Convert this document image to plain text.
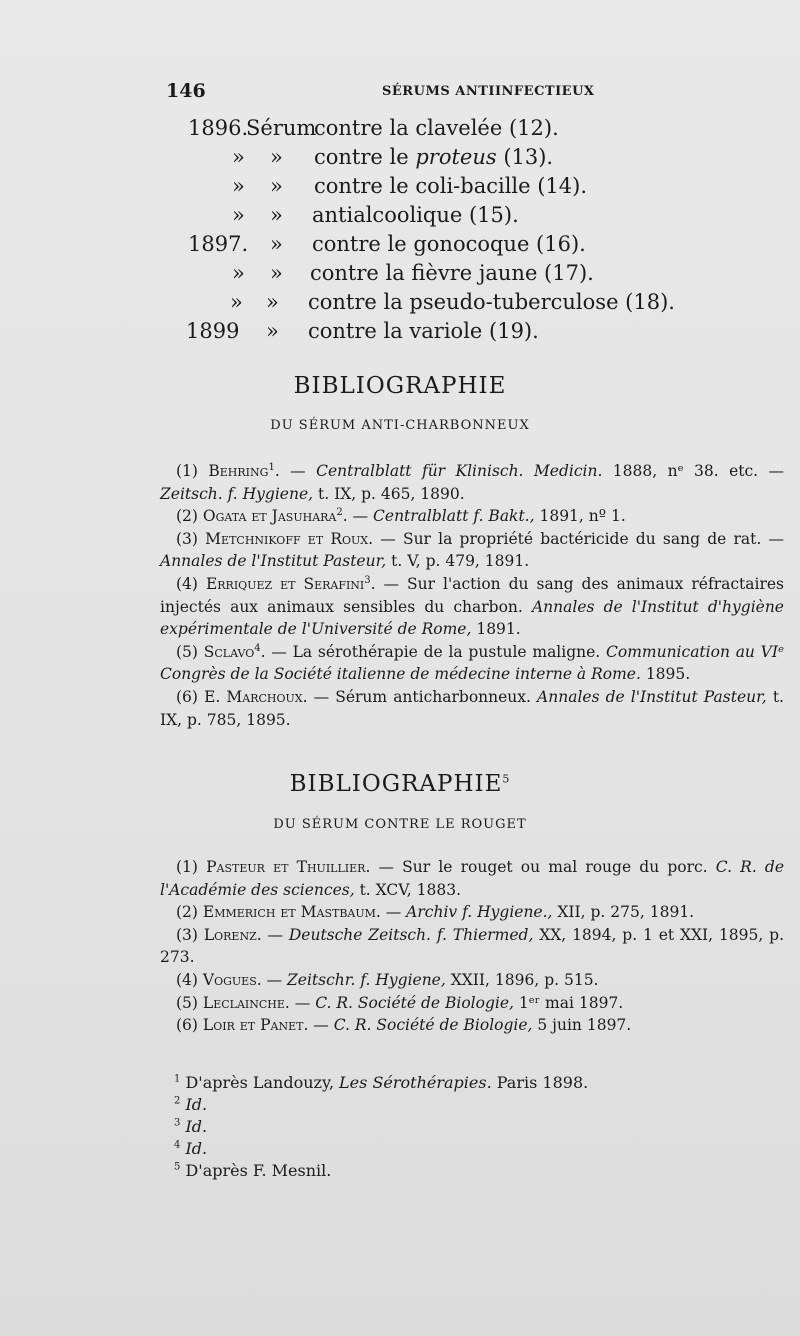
146	SÉRUMS ANTIINFECTIEUX
1896.
Sérum
contre la clavelée (12).
» » contre le proteus (13).
» » contre le coli-bacille (14).
» » antialcoolique (15).
1897. » contre le gonocoque (16).
» » contre la fièvre jaune (17).
» » contre la pseudo-tuberculose (18).
1899 » contre la variole (19).
BIBLIOGRAPHIE
DU SÉRUM ANTI-CHARBONNEUX

(1) Behring$^1$. — Centralblatt für Klinisch. Medicin. 1888, nᵉ 38. etc. — Zeitsch. f. Hygiene, t. IX, p. 465, 1890.

(2) Ogata et Jasuhara$^2$. — Centralblatt f. Bakt., 1891, nº 1.

(3) Metchnikoff et Roux. — Sur la propriété bactéricide du sang de rat. — Annales de l'Institut Pasteur, t. V, p. 479, 1891.

(4) Erriquez et Serafini$^3$. — Sur l'action du sang des animaux réfractaires injectés aux animaux sensibles du charbon. Annales de l'Institut d'hygiène expérimentale de l'Université de Rome, 1891.

(5) Sclavo$^4$. — La sérothérapie de la pustule maligne. Communication au VIᵉ Congrès de la Société italienne de médecine interne à Rome. 1895.

(6) E. Marchoux. — Sérum anticharbonneux. Annales de l'Institut Pasteur, t. IX, p. 785, 1895.

BIBLIOGRAPHIE$^5$
DU SÉRUM CONTRE LE ROUGET

(1) Pasteur et Thuillier. — Sur le rouget ou mal rouge du porc. C. R. de l'Académie des sciences, t. XCV, 1883.

(2) Emmerich et Mastbaum. — Archiv f. Hygiene., XII, p. 275, 1891.

(3) Lorenz. — Deutsche Zeitsch. f. Thiermed, XX, 1894, p. 1 et XXI, 1895, p. 273.

(4) Vogues. — Zeitschr. f. Hygiene, XXII, 1896, p. 515.

(5) Leclainche. — C. R. Société de Biologie, 1ᵉʳ mai 1897.

(6) Loir et Panet. — C. R. Société de Biologie, 5 juin 1897.

$^1$ D'après Landouzy, Les Sérothérapies. Paris 1898.
$^2$ Id.
$^3$ Id.
$^4$ Id.
$^5$ D'après F. Mesnil.
